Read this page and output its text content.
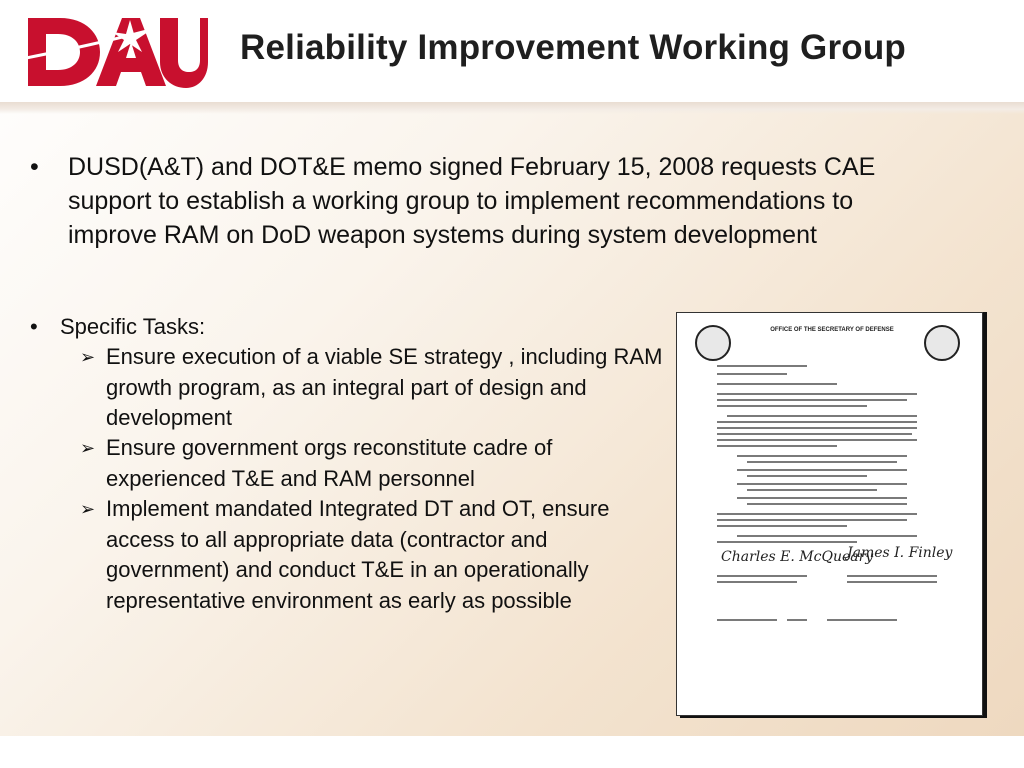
Reliability Improvement Working Group
• DUSD(A&T) and DOT&E memo signed February 15, 2008 requests CAE support to establish a working group to implement recommendations to improve RAM on DoD weapon systems during system development
• Specific Tasks:
➢ Ensure execution of a viable SE strategy , including RAM growth program, as an integral part of design and development
➢ Ensure government orgs reconstitute cadre of experienced T&E and RAM personnel
➢ Implement mandated Integrated DT and OT, ensure access to all appropriate data (contractor and government) and conduct T&E in an operationally representative environment as early as possible
OFFICE OF THE SECRETARY OF DEFENSE
Charles E. McQueary
James I. Finley
